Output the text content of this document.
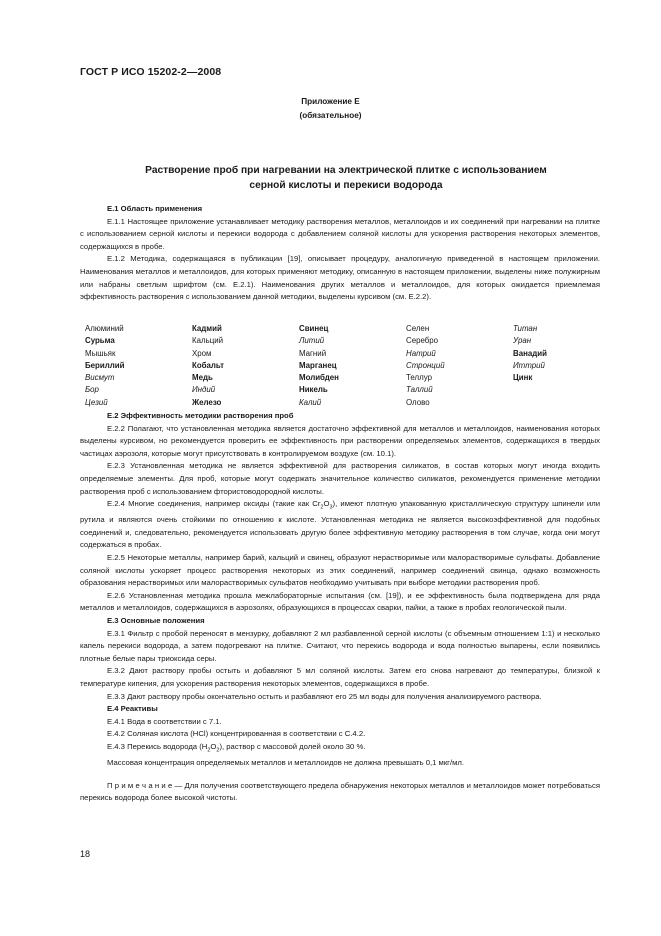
ГОСТ Р ИСО 15202-2—2008
Приложение Е
(обязательное)
Растворение проб при нагревании на электрической плитке с использованием
серной кислоты и перекиси водорода

Е.1 Область применения

Е.1.1 Настоящее приложение устанавливает методику растворения металлов, металлоидов и их соединений при нагревании на плитке с использованием серной кислоты и перекиси водорода с добавлением соляной кислоты для ускорения растворения некоторых элементов, содержащихся в пробе.

Е.1.2 Методика, содержащаяся в публикации [19], описывает процедуру, аналогичную приведенной в настоящем приложении. Наименования металлов и металлоидов, для которых применяют методику, описанную в настоящем приложении, выделены ниже полужирным или набраны светлым шрифтом (см. Е.2.1). Наименования других металлов и металлоидов, для которых ожидается приемлемая эффективность растворения с использованием данной методики, выделены курсивом (см. Е.2.2).

Алюминий
Сурьма
Мышьяк
Бериллий
Висмут
Бор
Цезий
Кадмий
Кальций
Хром
Кобальт
Медь
Индий
Железо
Свинец
Литий
Магний
Марганец
Молибден
Никель
Калий
Селен
Серебро
Натрий
Стронций
Теллур
Таллий
Олово
Титан
Уран
Ванадий
Иттрий
Цинк

Е.2 Эффективность методики растворения проб

Е.2.2 Полагают, что установленная методика является достаточно эффективной для металлов и металлоидов, наименования которых выделены курсивом, но рекомендуется проверить ее эффективность при растворении определяемых элементов, содержащихся в твердых частицах аэрозоля, которые могут присутствовать в контролируемом воздухе (см. 10.1).

Е.2.3 Установленная методика не является эффективной для растворения силикатов, в состав которых могут иногда входить определяемые элементы. Для проб, которые могут содержать значительное количество силикатов, рекомендуется применение методики растворения проб с использованием фтористоводородной кислоты.

Е.2.4 Многие соединения, например оксиды (такие как $Cr_2O_3$), имеют плотную упакованную кристаллическую структуру шпинели или рутила и являются очень стойкими по отношению к кислоте. Установленная методика не является высокоэффективной для подобных соединений и, следовательно, рекомендуется использовать другую более эффективную методику растворения в том случае, когда они могут содержаться в пробах.

Е.2.5 Некоторые металлы, например барий, кальций и свинец, образуют нерастворимые или малорастворимые сульфаты. Добавление соляной кислоты ускоряет процесс растворения некоторых из этих соединений, например соединений свинца, однако возможность образования нерастворимых или малорастворимых сульфатов необходимо учитывать при выборе методики растворения проб.

Е.2.6 Установленная методика прошла межлабораторные испытания (см. [19]), и ее эффективность была подтверждена для ряда металлов и металлоидов, содержащихся в аэрозолях, образующихся в процессах сварки, пайки, а также в пробах геологической пыли.

Е.3 Основные положения

Е.3.1 Фильтр с пробой переносят в мензурку, добавляют 2 мл разбавленной серной кислоты (с объемным отношением 1:1) и несколько капель перекиси водорода, а затем подогревают на плитке. Считают, что перекись водорода и вода полностью выпарены, если появились плотные белые пары триоксида серы.

Е.3.2 Дают раствору пробы остыть и добавляют 5 мл соляной кислоты. Затем его снова нагревают до температуры, близкой к температуре кипения, для ускорения растворения некоторых элементов, содержащихся в пробе.

Е.3.3 Дают раствору пробы окончательно остыть и разбавляют его 25 мл воды для получения анализируемого раствора.

Е.4 Реактивы

Е.4.1 Вода в соответствии с 7.1.

Е.4.2 Cоляная кислота (HCl) концентрированная в соответствии с С.4.2.

Е.4.3 Перекись водорода $(H_2O_2)$, раствор с массовой долей около 30 %.

Массовая концентрация определяемых металлов и металлоидов не должна превышать 0,1 мкг/мл.

П р и м е ч а н и е — Для получения соответствующего предела обнаружения некоторых металлов и металлоидов может потребоваться перекись водорода более высокой чистоты.

18
